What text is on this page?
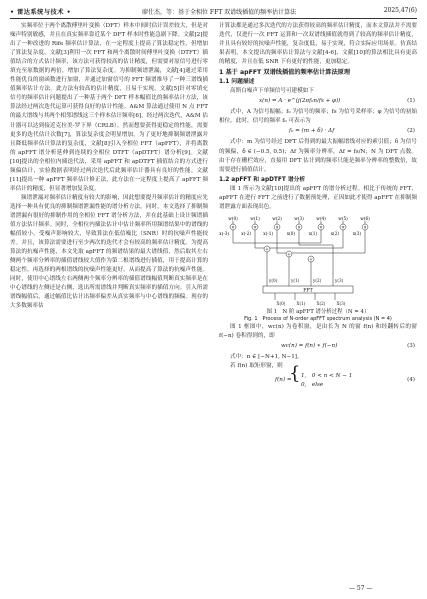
• 雷达系统与技术 •	廖仕杰，等：基于全相位 FFT 双谱线插值的频率估计算法	2025,47(6)

实频率位于两个离散傅里叶变换（DFT）样本中间时估计误差较大，但是对噪声特别敏感，并且在真实频率靠近某个 DFT 样本时性能急剧下降。文献[2]提出了一种改进的 Rife 频率估计算法，在一定程度上提高了算法稳定性，但增加了算法复杂度。文献[3]利用一次 FFT 和两个离散时间傅里叶变换（DTFT）插值结合的方式估计频率，该方法可获得较高的估计精度，但需要对原信号进行零填充至原数据的两倍，增加了算法复杂度。为抑制频谱泄漏，文献[4]通过采用性能优良的窗函数进行加窗，并通过加窗信号的 FFT 频谱推导了一种三谱线插值频率估计方法。此方法有较高的估计精度，且易于实现。文献[5]针对零填充信号的频率估计问题提出了一种基于两个 DFT 样本幅值比的频率估计方法，该算法经过两次迭代运算可获得良好的估计性能。A&M 算法通过使用 N 点 FFT 的最大谱线与其两个相邻谱线这三个样本估计频率[6]，经过两次迭代，A&M 估计器可以达到接近克拉美-罗下界（CRLB）。然而想要获得更稳定的性能，需要更多的迭代估计次数[7]，算法复杂度会明显增加。为了更好地抑制频谱泄露并且降低频率估计算法的复杂度，文献[8]引入全相位 FFT（apFFT），并将离散的 apFFT 谱分析延伸到连续的全相位 DTFT（apDTFT）谱分析[9]。文献[10]提出的全相位内插迭代法，采用 apFFT 和 apDTFT 插值结合的方式进行频偏估计，实验数据表明经过两次迭代后此频率估计器具有良好的性能。文献[11]提出一种 apFFT 频率估计修正法，此方法在一定程度上提高了 apFFT 频率估计的精度，但显著增加复杂度。

频谱泄漏对频率估计精度有较大的影响，因此想要提升频率估计的精度应先选择一种具有优良的抑制频谱泄漏性能的谱分析方法。同时，本文选择了抑制频谱泄漏有很好的抑制作用的全相位 FFT 谱分析方法，并在此基础上设计频谱插值方法估计频率。同时，全相位内插法估计中估计频率所用频谱结果中的谱线的幅值较小，受噪声影响较大，导致算法在低信噪比（SNR）时的抗噪声性能较差。并且，该算法需要进行至少两次的迭代才会有较高的频率估计精度。为提高算法的抗噪声性能，本文先取 apFFT 的频谱结果的最大谱线值，然后取其左右侧两个频率分辨率的插值谱线较大值作为第二根谱线进行插值，用于提高计算的稳定性。再选择的两根谱线的抗噪声性能更好，从而提高了算法的抗噪声性能。同时，使用中心谱线左右两侧两个频率分辨率的插值谱线幅值判断真实频率是在中心谱线的左侧还是右侧，选出所需谱线并判断真实频率的插值方向。引入所需谱线幅值后，通过幅值比估计出频率偏差从真实频率与中心谱线的频偏。现存的大多数频率估

计算法都是通过多次迭代的方法获得较高的频率估计精度，而本文算法并不需要迭代，仅进行一次 FFT 运算和一次双谱线插值就得到了较高的频率估计精度，并且具有较好的抗噪声性能，复杂度低，易于实现，符合实际应用场景。仿真结果表明，本文提出的频率估计算法与文献[4-6]、文献[10]的算法相比具有更高的精度，并且在低 SNR 下有更好的性能，更加稳定。

1 基于 apFFT 双谱线插值的频率估计算法原理
1.1 问题描述

高斯白噪声下单频信号可建模如下

x(n) = A · e^(j(2πf₀n/fs + φ))	(1)

式中，A 为信号振幅；f₀ 为信号的频率；fs 为信号采样率；φ 为信号的初始相位。此时，信号的频率 f₀ 可表示为

f₀ = (m + δ) · Δf	(2)

式中：m 为信号经过 DFT 后得到的最大振幅谱线对应的索引值；δ 为信号的频偏，δ ∈ (−0.5, 0.5)；Δf 为频率分辨率，Δf = fs/N；N 为 DFT 点数。由于存在栅栏效应，直接用 DFT 估计到的频率只能是频率分辨率的整数倍，故需要进行插值估计。

1.2 apFFT 和 apDTFT 谱分析

图 1 所示为文献[10]提出的 apFFT 的谱分析过程。相比于传统的 FFT，apFFT 在进行 FFT 之前进行了数据预处理，正因如此才使得 apFFT 在抑制频谱泄露方面表现出色。

w(0)
×
w(1)
×
w(2)
×
w(3)
×
w(4)
×
w(5)
×
w(6)
×
x(-3)	x(-2)	x(-1)	x(0)	x(1)	x(2)	x(3)
+
+
+
y(0)	y(1)	y(2)	y(3)
FFT
X(0)	X(1)	X(2)	X(3)
图 1　N 阶 apFFT 谱分析过程（N = 4）
Fig. 1　Process of N-order apFFT spectrum analysis (N = 4)

图 1 框图中，wc(n) 为卷积窗，是由长为 N 的窗 f(n) 和经翻转后的窗 f(−n) 卷积得到的，即

wc(n) = f(n) ∗ f(−n)	(3)

式中：n ∈ [−N+1, N−1]。

若 f(n) 取矩形窗，则

f(n) =
{ 1,　0 < n < N − 1
0,　else
(4)
— 57 —
